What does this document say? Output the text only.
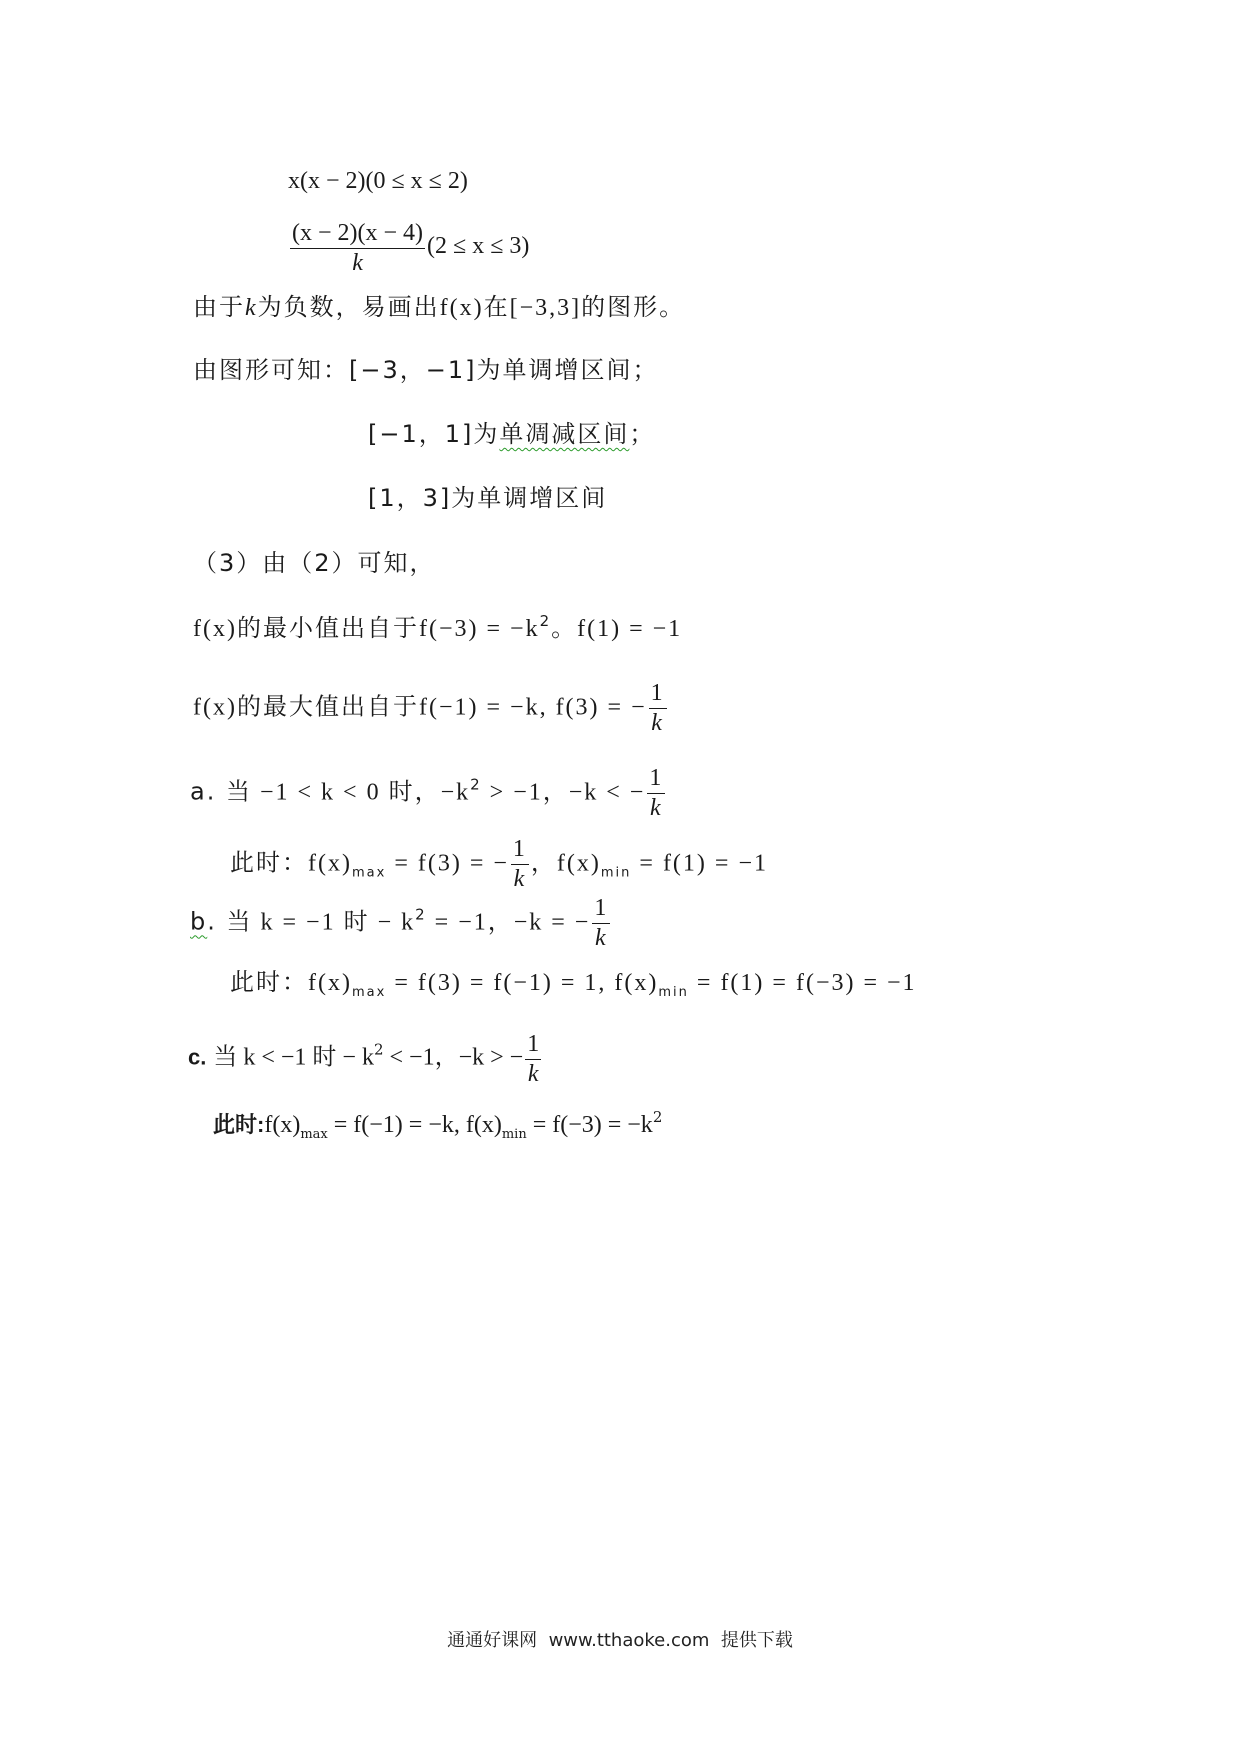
x(x − 2)(0 ≤ x ≤ 2)
$\frac{(x - 2)(x - 4)}{k} (2 \le x \le 3)$
由于k为负数，易画出f(x)在[−3,3]的图形。
由图形可知：[−3，−1]为单调增区间；
[−1，1]为单凋减区间；
[1，3]为单调增区间
（3）由（2）可知，
f(x)的最小值出自于$f(-3) = -k^2$。f(1) = −1
f(x)的最大值出自于f(−1) = −k, f(3) = − $\frac{1}{k}$
a. 当 −1 < k < 0 时，$-k^2 > -1$，−k < − $\frac{1}{k}$
此时：$f(x)_{max} = f(3)$ = − $\frac{1}{k}$ ，$f(x)_{min} = f(1) = -1$
b. 当 k = −1 时 − $k^2 = -1$，−k = − $\frac{1}{k}$
此时：$f(x)_{max} = f(3) = f(-1) = 1$, $f(x)_{min} = f(1) = f(-3) = -1$
c. 当 k < −1 时 − $k^2 < -1$，−k > − $\frac{1}{k}$
此时$:f(x)_{max} = f(-1) = -k$, $f(x)_{min} = f(-3) = -k^2$
通通好课网 www.tthaoke.com 提供下载
